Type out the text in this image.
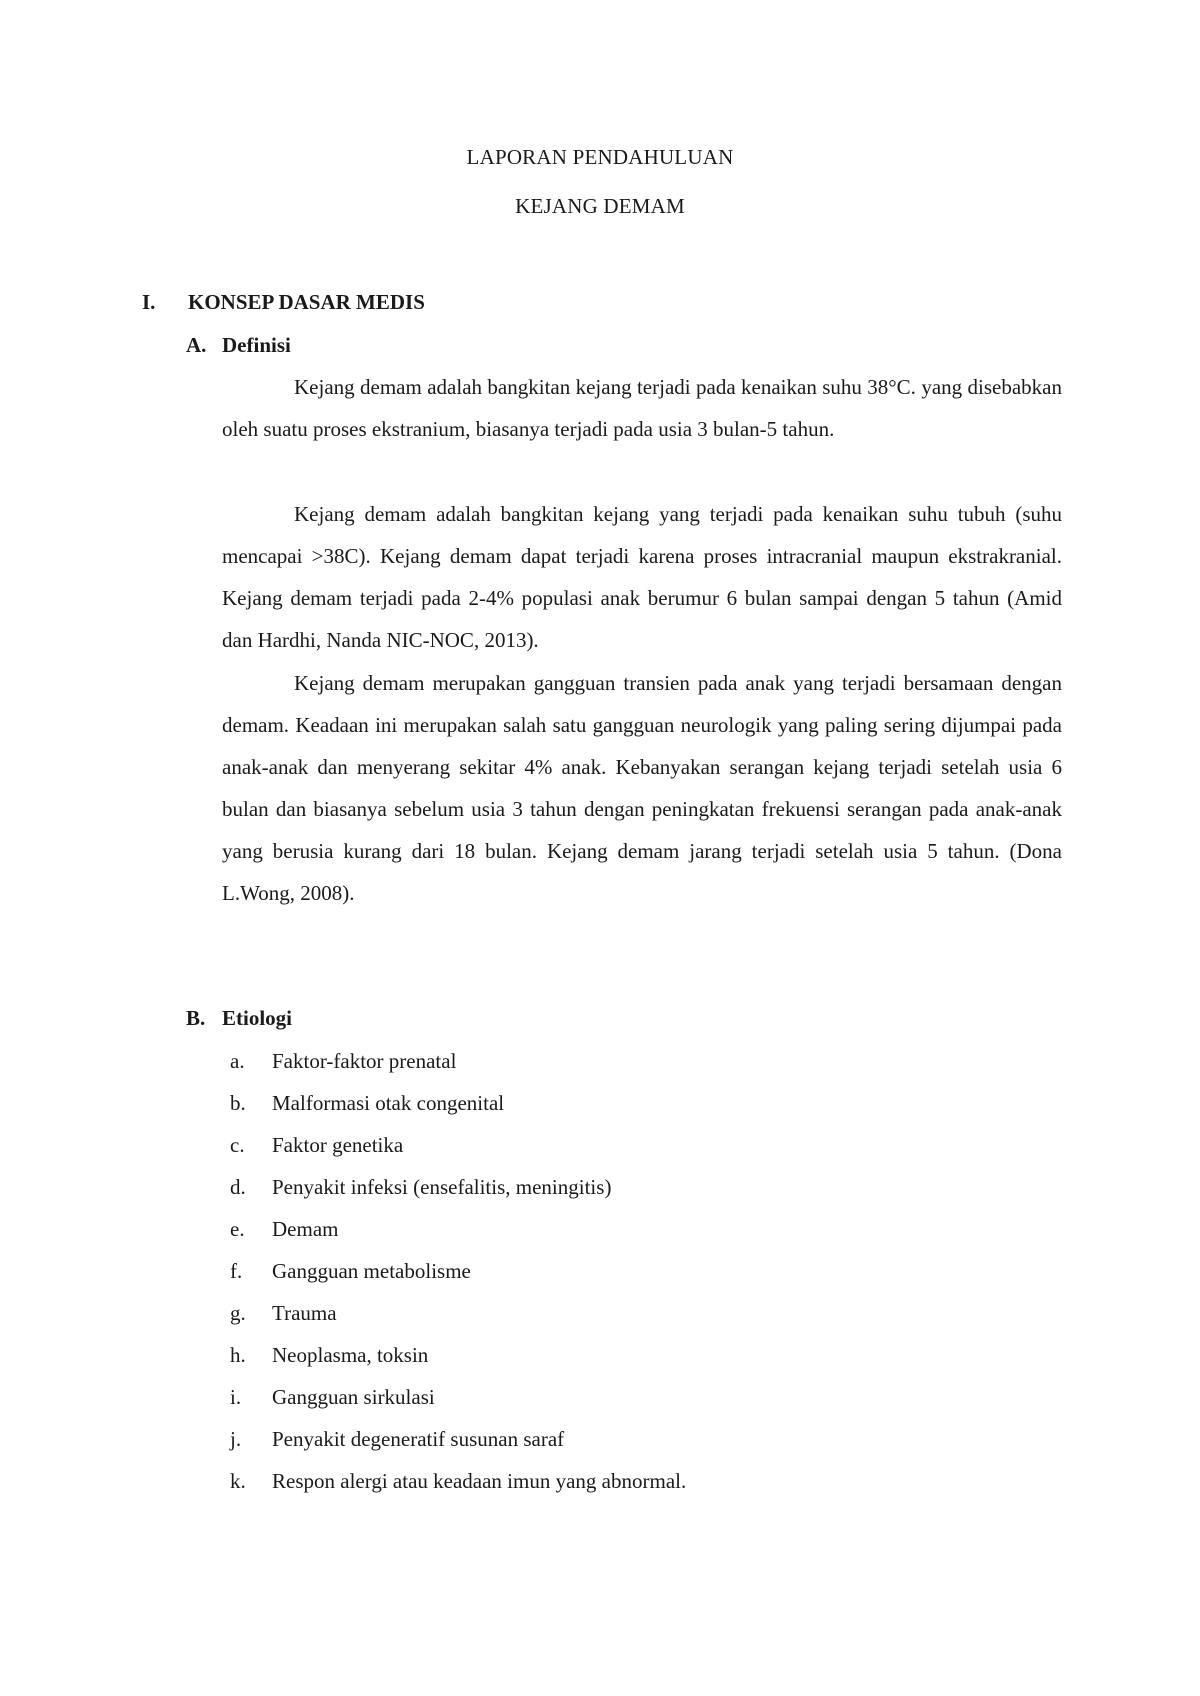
LAPORAN PENDAHULUAN
KEJANG DEMAM
I. KONSEP DASAR MEDIS
A. Definisi

Kejang demam adalah bangkitan kejang terjadi pada kenaikan suhu 38°C. yang disebabkan oleh suatu proses ekstranium, biasanya terjadi pada usia 3 bulan-5 tahun.

Kejang demam adalah bangkitan kejang yang terjadi pada kenaikan suhu tubuh (suhu mencapai >38C). Kejang demam dapat terjadi karena proses intracranial maupun ekstrakranial. Kejang demam terjadi pada 2-4% populasi anak berumur 6 bulan sampai dengan 5 tahun (Amid dan Hardhi, Nanda NIC-NOC, 2013).

Kejang demam merupakan gangguan transien pada anak yang terjadi bersamaan dengan demam. Keadaan ini merupakan salah satu gangguan neurologik yang paling sering dijumpai pada anak-anak dan menyerang sekitar 4% anak. Kebanyakan serangan kejang terjadi setelah usia 6 bulan dan biasanya sebelum usia 3 tahun dengan peningkatan frekuensi serangan pada anak-anak yang berusia kurang dari 18 bulan. Kejang demam jarang terjadi setelah usia 5 tahun. (Dona L.Wong, 2008).

B. Etiologi
a. Faktor-faktor prenatal
b. Malformasi otak congenital
c. Faktor genetika
d. Penyakit infeksi (ensefalitis, meningitis)
e. Demam
f. Gangguan metabolisme
g. Trauma
h. Neoplasma, toksin
i. Gangguan sirkulasi
j. Penyakit degeneratif susunan saraf
k. Respon alergi atau keadaan imun yang abnormal.
